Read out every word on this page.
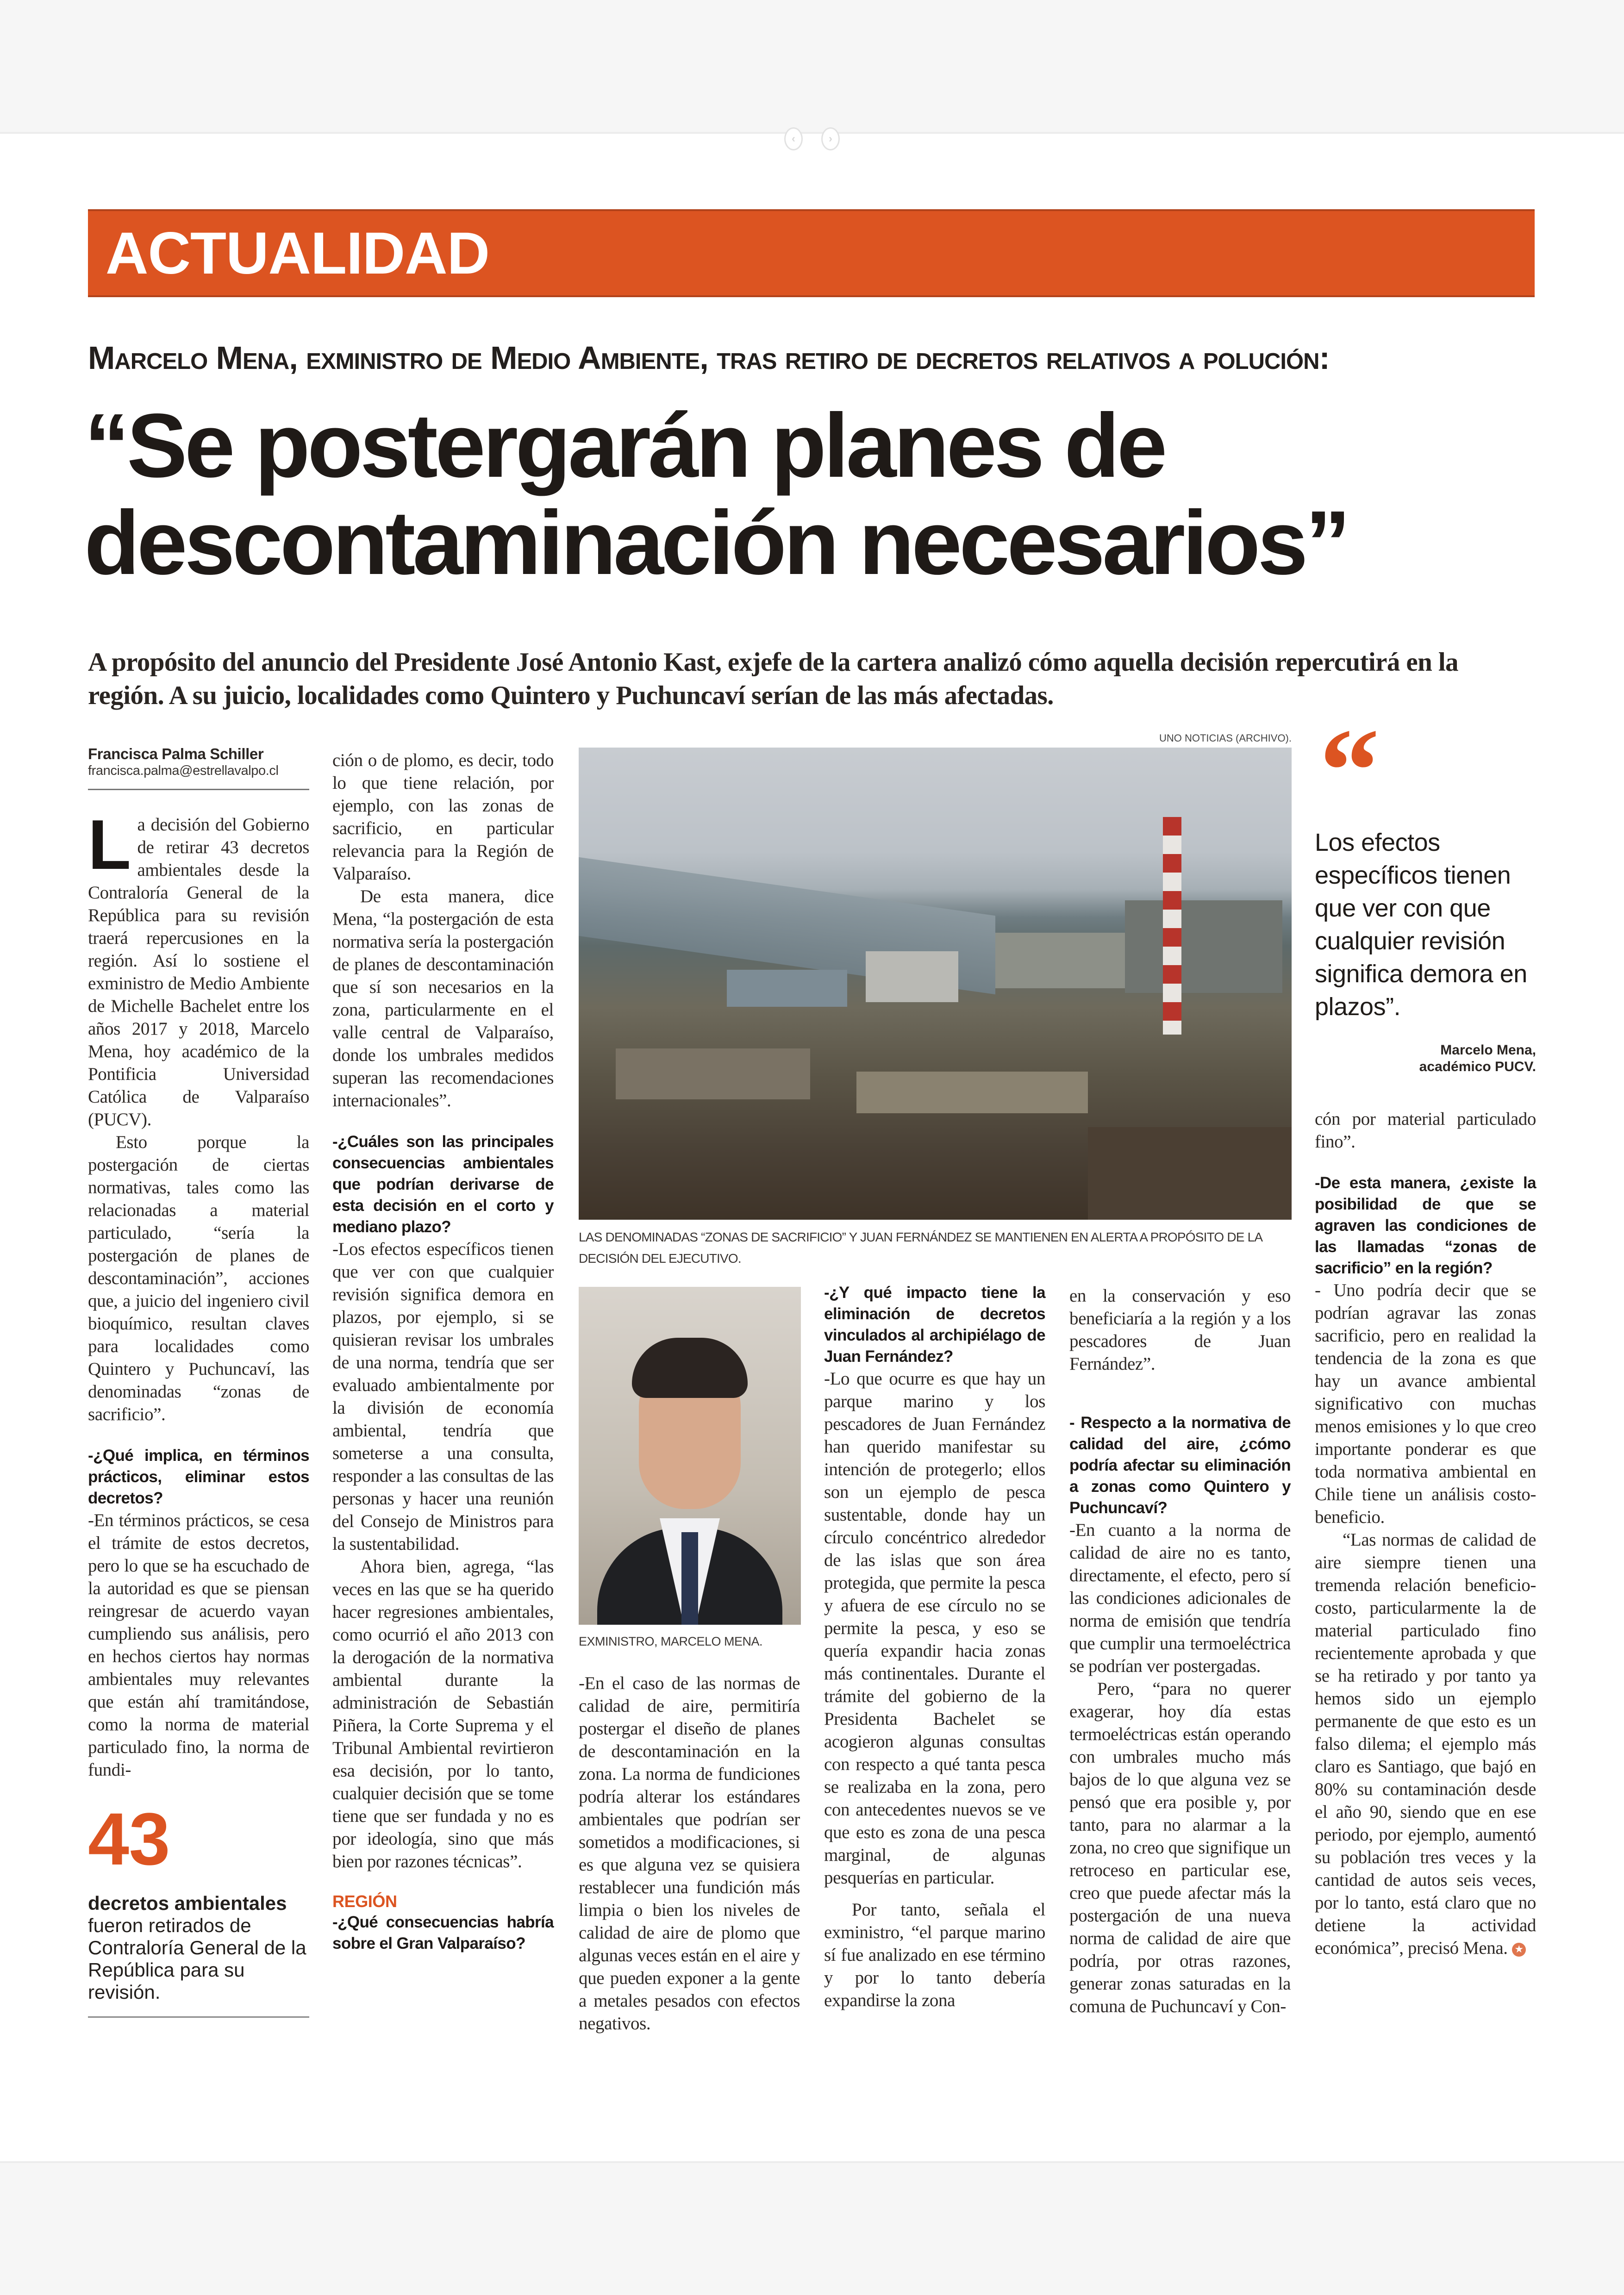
‹	›
ACTUALIDAD
Marcelo Mena, exministro de Medio Ambiente, tras retiro de decretos relativos a polución:
“Se postergarán planes de descontaminación necesarios”
A propósito del anuncio del Presidente José Antonio Kast, exjefe de la cartera analizó cómo aquella decisión repercutirá en la región. A su juicio, localidades como Quintero y Puchuncaví serían de las más afectadas.
Francisca Palma Schiller
francisca.palma@estrellavalpo.cl

La decisión del Gobierno de retirar 43 decretos ambientales desde la Contraloría General de la República para su revisión traerá repercusiones en la región. Así lo sostiene el exministro de Medio Ambiente de Michelle Bachelet entre los años 2017 y 2018, Marcelo Mena, hoy académico de la Pontificia Universidad Católica de Valparaíso (PUCV).

Esto porque la postergación de ciertas normativas, tales como las relacionadas a material particulado, “sería la postergación de planes de descontaminación”, acciones que, a juicio del ingeniero civil bioquímico, resultan claves para localidades como Quintero y Puchuncaví, las denominadas “zonas de sacrificio”.

-¿Qué implica, en términos prácticos, eliminar estos decretos?

-En términos prácticos, se cesa el trámite de estos decretos, pero lo que se ha escuchado de la autoridad es que se piensan reingresar de acuerdo vayan cumpliendo sus análisis, pero en hechos ciertos hay normas ambientales muy relevantes que están ahí tramitándose, como la norma de material particulado fino, la norma de fundi-

43
decretos ambientales
fueron retirados de Contraloría General de la República para su revisión.

ción o de plomo, es decir, todo lo que tiene relación, por ejemplo, con las zonas de sacrificio, en particular relevancia para la Región de Valparaíso.

De esta manera, dice Mena, “la postergación de esta normativa sería la postergación de planes de descontaminación que sí son necesarios en la zona, particularmente en el valle central de Valparaíso, donde los umbrales medidos superan las recomendaciones internacionales”.

-¿Cuáles son las principales consecuencias ambientales que podrían derivarse de esta decisión en el corto y mediano plazo?

-Los efectos específicos tienen que ver con que cualquier revisión significa demora en plazos, por ejemplo, si se quisieran revisar los umbrales de una norma, tendría que ser evaluado ambientalmente por la división de economía ambiental, tendría que someterse a una consulta, responder a las consultas de las personas y hacer una reunión del Consejo de Ministros para la sustentabilidad.

Ahora bien, agrega, “las veces en las que se ha querido hacer regresiones ambientales, como ocurrió el año 2013 con la derogación de la normativa ambiental durante la administración de Sebastián Piñera, la Corte Suprema y el Tribunal Ambiental revirtieron esa decisión, por lo tanto, cualquier decisión que se tome tiene que ser fundada y no es por ideología, sino que más bien por razones técnicas”.

REGIÓN

-¿Qué consecuencias habría sobre el Gran Valparaíso?

UNO NOTICIAS (ARCHIVO).
LAS DENOMINADAS “ZONAS DE SACRIFICIO” Y JUAN FERNÁNDEZ SE MANTIENEN EN ALERTA A PROPÓSITO DE LA DECISIÓN DEL EJECUTIVO.
EXMINISTRO, MARCELO MENA.

-En el caso de las normas de calidad de aire, permitiría postergar el diseño de planes de descontaminación en la zona. La norma de fundiciones podría alterar los estándares ambientales que podrían ser sometidos a modificaciones, si es que alguna vez se quisiera restablecer una fundición más limpia o bien los niveles de calidad de aire de plomo que algunas veces están en el aire y que pueden exponer a la gente a metales pesados con efectos negativos.

-¿Y qué impacto tiene la eliminación de decretos vinculados al archipiélago de Juan Fernández?

-Lo que ocurre es que hay un parque marino y los pescadores de Juan Fernández han querido manifestar su intención de protegerlo; ellos son un ejemplo de pesca sustentable, donde hay un círculo concéntrico alrededor de las islas que son área protegida, que permite la pesca y afuera de ese círculo no se permite la pesca, y eso se quería expandir hacia zonas más continentales. Durante el trámite del gobierno de la Presidenta Bachelet se acogieron algunas consultas con respecto a qué tanta pesca se realizaba en la zona, pero con antecedentes nuevos se ve que esto es zona de una pesca marginal, de algunas pesquerías en particular.

Por tanto, señala el exministro, “el parque marino sí fue analizado en ese término y por lo tanto debería expandirse la zona

en la conservación y eso beneficiaría a la región y a los pescadores de Juan Fernández”.

- Respecto a la normativa de calidad del aire, ¿cómo podría afectar su eliminación a zonas como Quintero y Puchuncaví?

-En cuanto a la norma de calidad de aire no es tanto, directamente, el efecto, pero sí las condiciones adicionales de norma de emisión que tendría que cumplir una termoeléctrica se podrían ver postergadas.

Pero, “para no querer exagerar, hoy día estas termoeléctricas están operando con umbrales mucho más bajos de lo que alguna vez se pensó que era posible y, por tanto, para no alarmar a la zona, no creo que signifique un retroceso en particular ese, creo que puede afectar más la postergación de una nueva norma de calidad de aire que podría, por otras razones, generar zonas saturadas en la comuna de Puchuncaví y Con-

“
Los efectos específicos tienen que ver con que cualquier revisión significa demora en plazos”.
Marcelo Mena,
académico PUCV.

cón por material particulado fino”.

-De esta manera, ¿existe la posibilidad de que se agraven las condiciones de las llamadas “zonas de sacrificio” en la región?

- Uno podría decir que se podrían agravar las zonas sacrificio, pero en realidad la tendencia de la zona es que hay un avance ambiental significativo con muchas menos emisiones y lo que creo importante ponderar es que toda normativa ambiental en Chile tiene un análisis costo-beneficio.

“Las normas de calidad de aire siempre tienen una tremenda relación beneficio-costo, particularmente la de material particulado fino recientemente aprobada y que se ha retirado y por tanto ya hemos sido un ejemplo permanente de que esto es un falso dilema; el ejemplo más claro es Santiago, que bajó en 80% su contaminación desde el año 90, siendo que en ese periodo, por ejemplo, aumentó su población tres veces y la cantidad de autos seis veces, por lo tanto, está claro que no detiene la actividad económica”, precisó Mena. ★
